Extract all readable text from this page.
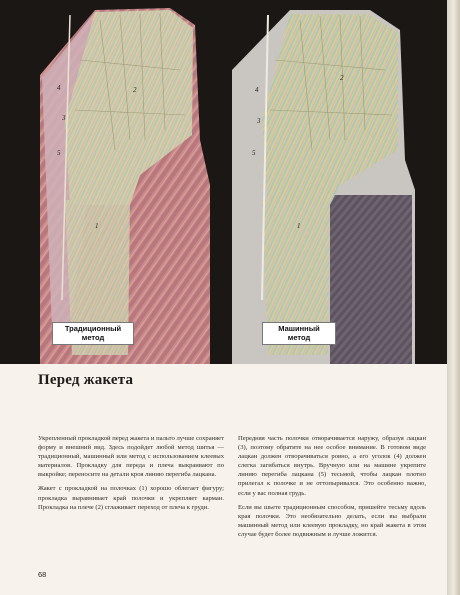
4
3
5
2
1
4
3
5
2
1
Традиционный
метод
Машинный
метод
Перед жакета

Укрепленный прокладкой перед жакета и пальто лучше сохраняет форму и внешний вид. Здесь подойдет любой метод шитья — традиционный, машинный или метод с использованием клеевых материалов. Прокладку для переда и плеча выкраивают по выкройке; переносите на детали кроя линию перегиба лацкана.

Жакет с прокладкой на полочках (1) хорошо облегает фигуру; прокладка выравнивает край полочки и укрепляет карман. Прокладка на плече (2) сглаживает переход от плеча к груди.

Передняя часть полочки отворачивается наружу, образуя лацкан (3), поэтому обратите на нее особое внимание. В готовом виде лацкан должен отворачиваться ровно, а его уголок (4) должен слегка загибаться внутрь. Вручную или на машине укрепите линию перегиба лацкана (5) тесьмой, чтобы лацкан плотно прилегал к полочке и не оттопыривался. Это особенно важно, если у вас полная грудь.

Если вы шьете традиционным способом, пришейте тесьму вдоль края полочки. Это необязательно делать, если вы выбрали машинный метод или клеевую прокладку, но край жакета в этом случае будет более подвижным и лучше ложится.

68
